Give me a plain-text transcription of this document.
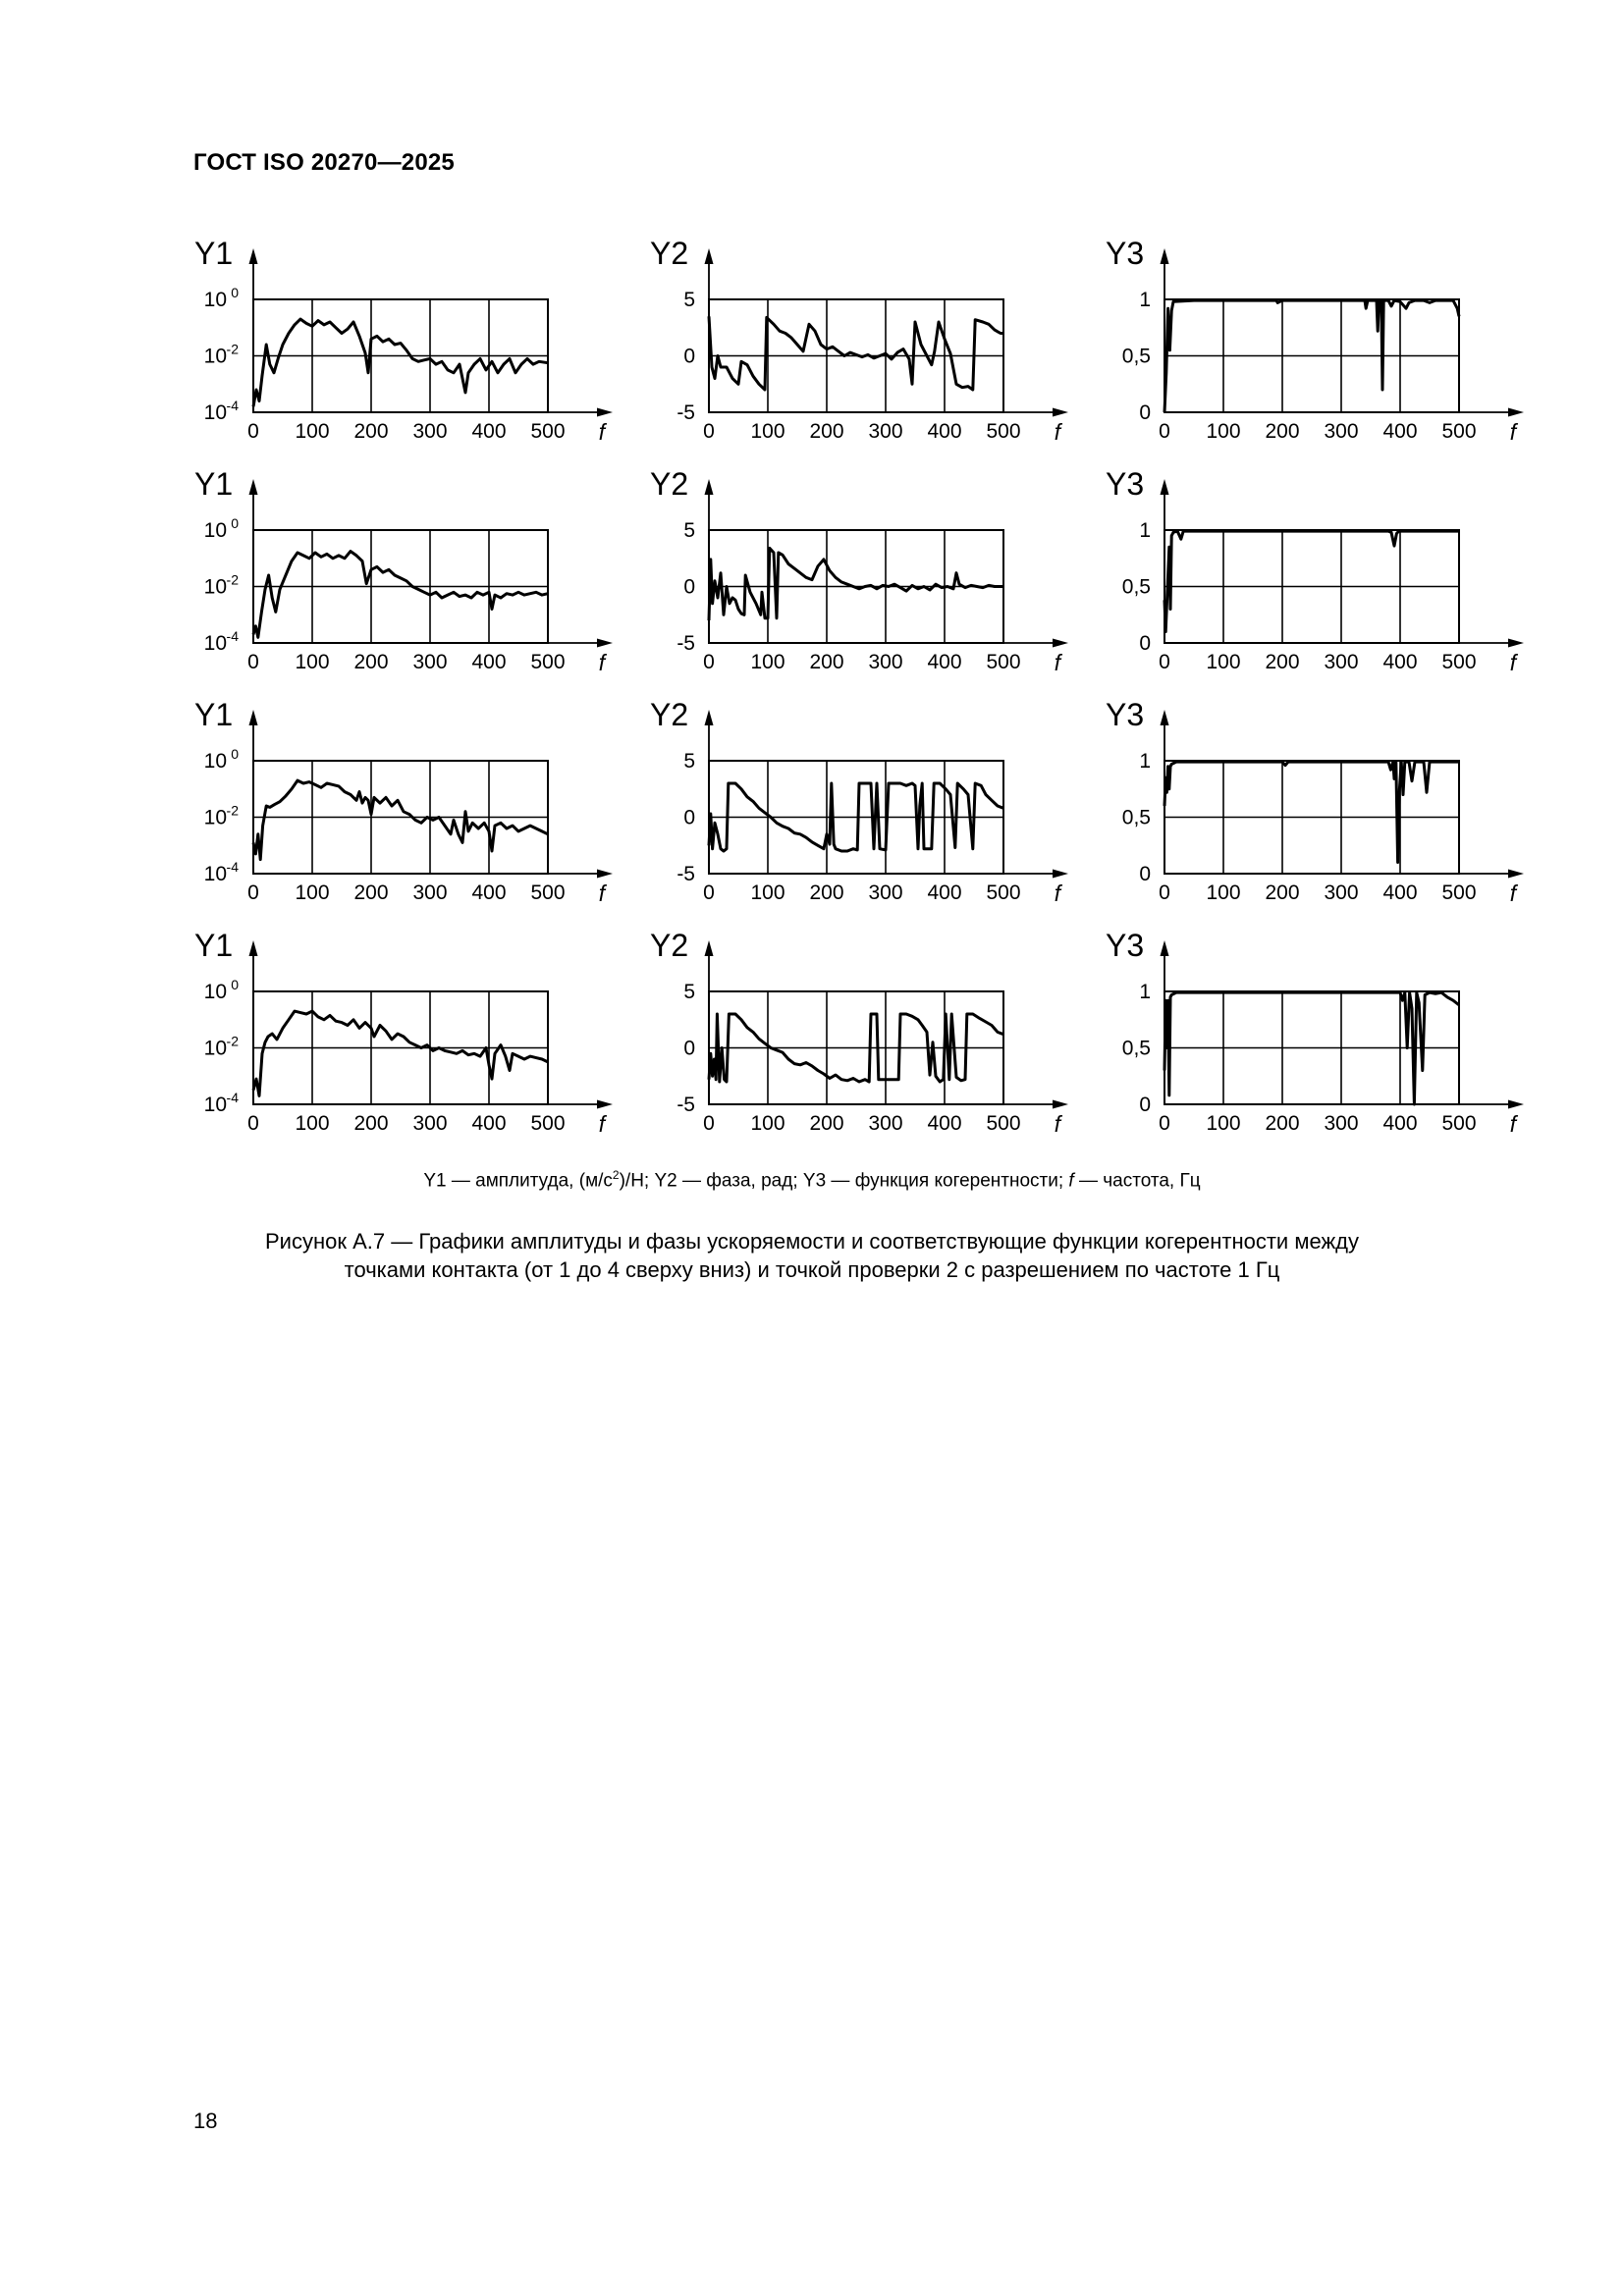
ГОСТ ISO 20270—2025
Y1
10 0
10 -2
10 -4
0 100 200 300 400 500 f
Y2
5
0
-5
0 100 200 300 400 500 f
Y3
1
0,5
0
0 100 200 300 400 500 f
Y1
10 0
10 -2
10 -4
0 100 200 300 400 500 f
Y2
5
0
-5
0 100 200 300 400 500 f
Y3
1
0,5
0
0 100 200 300 400 500 f
Y1
10 0
10 -2
10 -4
0 100 200 300 400 500 f
Y2
5
0
-5
0 100 200 300 400 500 f
Y3
1
0,5
0
0 100 200 300 400 500 f
Y1
10 0
10 -2
10 -4
0 100 200 300 400 500 f
Y2
5
0
-5
0 100 200 300 400 500 f
Y3
1
0,5
0
0 100 200 300 400 500 f
Y1 — амплитуда, $(м/с^2)/Н$; Y2 — фаза, рад; Y3 — функция когерентности; f — частота, Гц
Рисунок А.7 — Графики амплитуды и фазы ускоряемости и соответствующие функции когерентности между
точками контакта (от 1 до 4 сверху вниз) и точкой проверки 2 с разрешением по частоте 1 Гц
18
